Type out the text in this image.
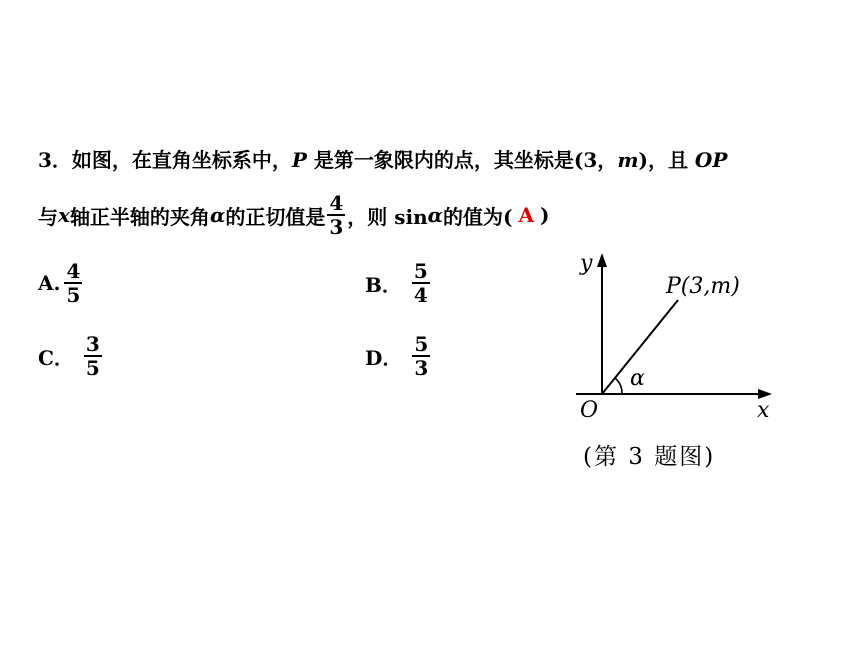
3．如图，在直角坐标系中，P 是第一象限内的点，其坐标是(3，m)，且 OP
与 x 轴正半轴的夹角 α 的正切值是 $\frac{4}{3}$ ，则 sin α 的值为( A )
A. $\frac{4}{5}$	B． $\frac{5}{4}$
C． $\frac{3}{5}$	D． $\frac{5}{3}$
y
x
O
P(3,m)
α
(第 3 题图)
